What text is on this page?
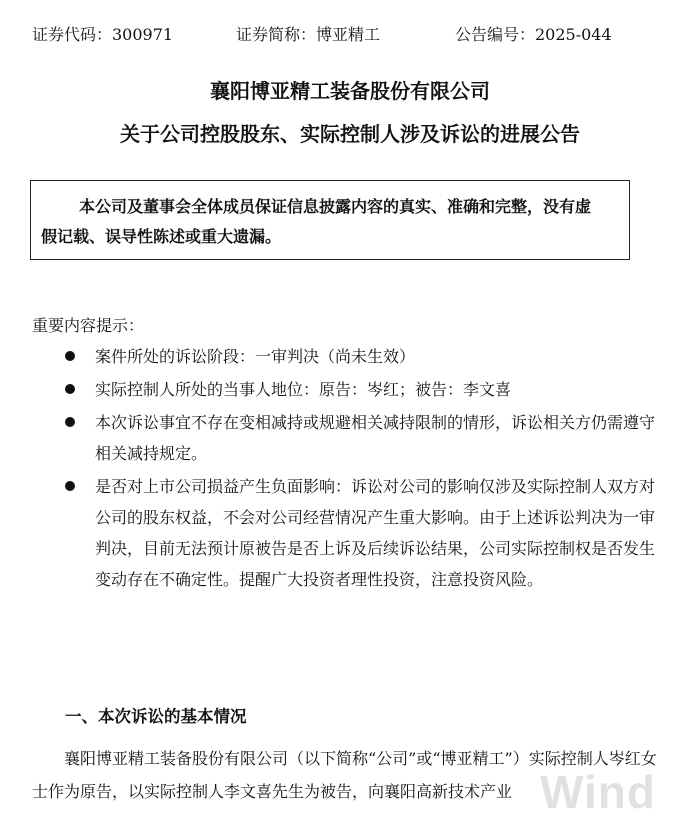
证券代码：300971	证券简称：博亚精工	公告编号：2025-044
襄阳博亚精工装备股份有限公司
关于公司控股股东、实际控制人涉及诉讼的进展公告
本公司及董事会全体成员保证信息披露内容的真实、准确和完整，没有虚
假记载、误导性陈述或重大遗漏。
重要内容提示：
案件所处的诉讼阶段：一审判决（尚未生效）
实际控制人所处的当事人地位：原告：岑红；被告：李文喜
本次诉讼事宜不存在变相减持或规避相关减持限制的情形，诉讼相关方仍需遵守相关减持规定。
是否对上市公司损益产生负面影响：诉讼对公司的影响仅涉及实际控制人双方对公司的股东权益，不会对公司经营情况产生重大影响。由于上述诉讼判决为一审判决，目前无法预计原被告是否上诉及后续诉讼结果，公司实际控制权是否发生变动存在不确定性。提醒广大投资者理性投资，注意投资风险。
一、本次诉讼的基本情况
襄阳博亚精工装备股份有限公司（以下简称“公司”或“博亚精工”）实际控制人岑红女士作为原告，以实际控制人李文喜先生为被告，向襄阳高新技术产业 Wind
